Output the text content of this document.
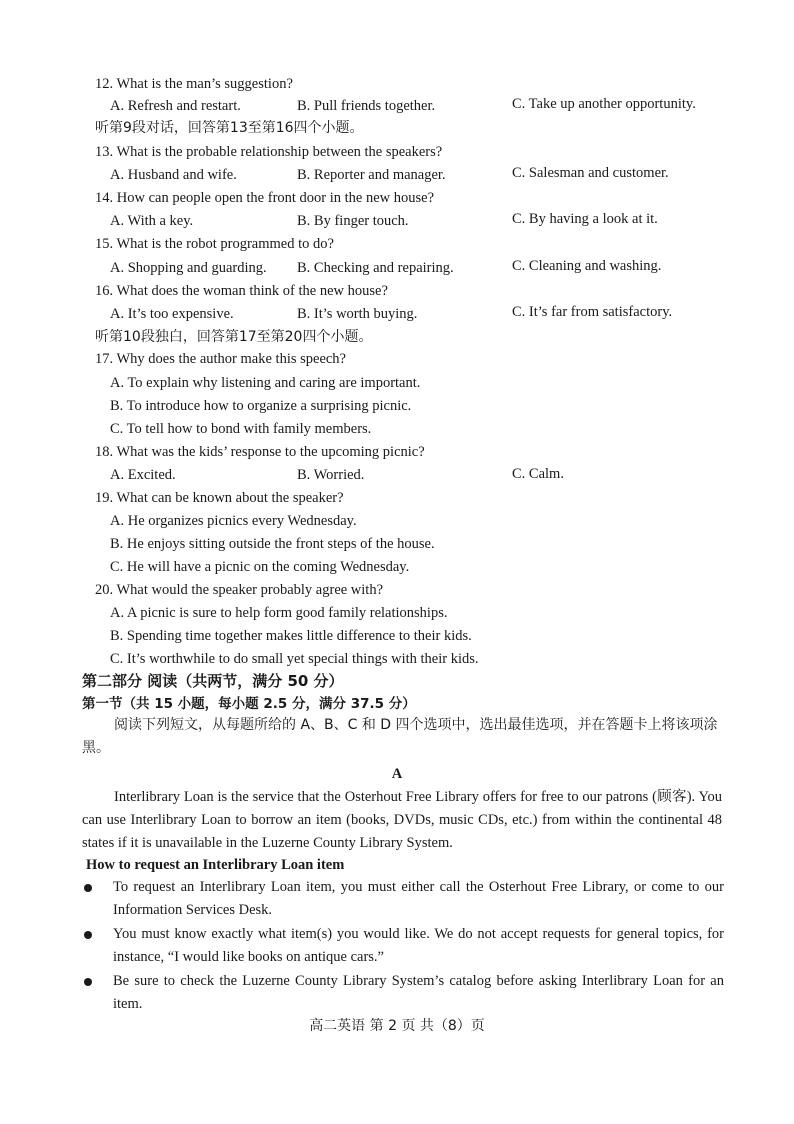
12. What is the man’s suggestion?
A. Refresh and restart.	B. Pull friends together.	C. Take up another opportunity.
听第9段对话，回答第13至第16四个小题。
13. What is the probable relationship between the speakers?
A. Husband and wife.	B. Reporter and manager.	C. Salesman and customer.
14. How can people open the front door in the new house?
A. With a key.	B. By finger touch.	C. By having a look at it.
15. What is the robot programmed to do?
A. Shopping and guarding. B. Checking and repairing.	C. Cleaning and washing.
16. What does the woman think of the new house?
A. It’s too expensive.	B. It’s worth buying.	C. It’s far from satisfactory.
听第10段独白，回答第17至第20四个小题。
17. Why does the author make this speech?
A. To explain why listening and caring are important.
B. To introduce how to organize a surprising picnic.
C. To tell how to bond with family members.
18. What was the kids’ response to the upcoming picnic?
A. Excited.	B. Worried.	C. Calm.
19. What can be known about the speaker?
A. He organizes picnics every Wednesday.
B. He enjoys sitting outside the front steps of the house.
C. He will have a picnic on the coming Wednesday.
20. What would the speaker probably agree with?
A. A picnic is sure to help form good family relationships.
B. Spending time together makes little difference to their kids.
C. It’s worthwhile to do small yet special things with their kids.
第二部分 阅读（共两节，满分 50 分）
第一节（共 15 小题，每小题 2.5 分，满分 37.5 分）
阅读下列短文，从每题所给的 A、B、C 和 D 四个选项中，选出最佳选项，并在答题卡上将该项涂黑。
A
Interlibrary Loan is the service that the Osterhout Free Library offers for free to our patrons (顾客). You can use Interlibrary Loan to borrow an item (books, DVDs, music CDs, etc.) from within the continental 48 states if it is unavailable in the Luzerne County Library System.
How to request an Interlibrary Loan item
To request an Interlibrary Loan item, you must either call the Osterhout Free Library, or come to our Information Services Desk.
You must know exactly what item(s) you would like. We do not accept requests for general topics, for instance, “I would like books on antique cars.”
Be sure to check the Luzerne County Library System’s catalog before asking Interlibrary Loan for an item.
高二英语 第 2 页 共（8）页
